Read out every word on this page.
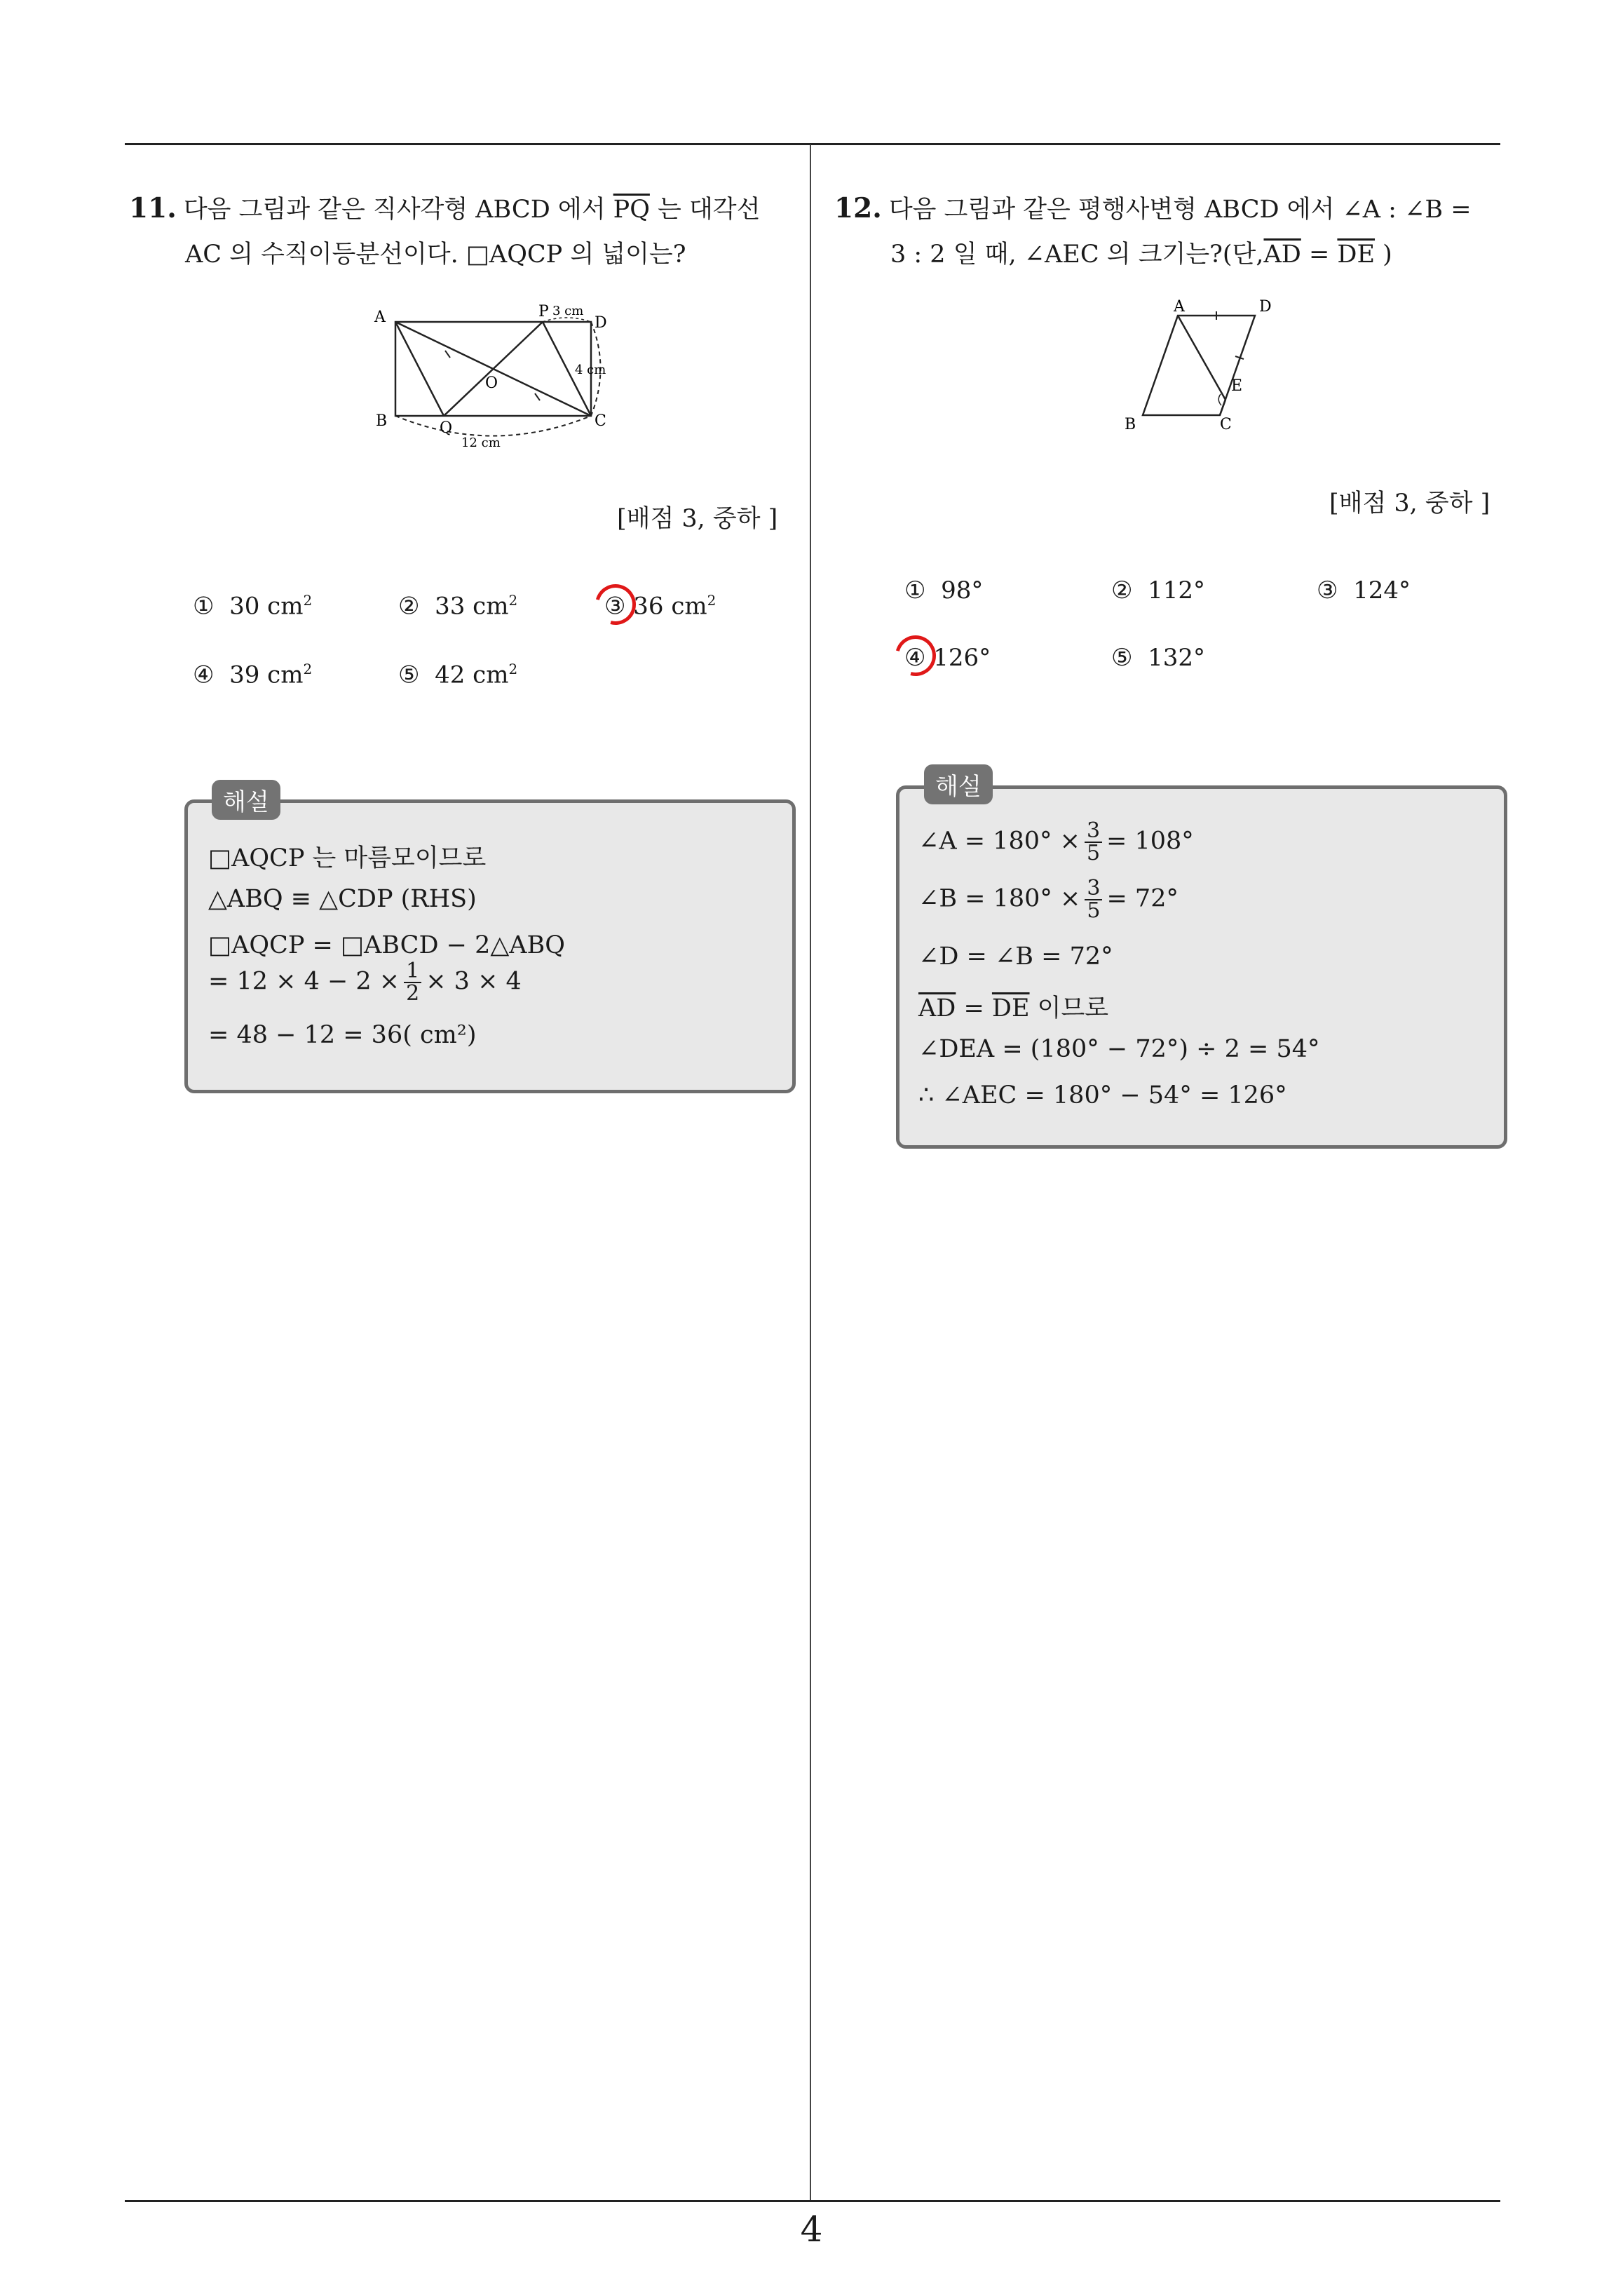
11. 다음 그림과 같은 직사각형 ABCD 에서 $\overline{PQ}$ 는 대각선
AC 의 수직이등분선이다. □AQCP 의 넓이는?
A
B	C
D
P
Q
O
3 cm
4 cm
12 cm
[배점 3, 중하 ]
① 30 $cm^2$	② 33 $cm^2$	③ 36 $cm^2$
④ 39 $cm^2$	⑤ 42 $cm^2$
해설
□AQCP 는 마름모이므로
△ABQ ≡ △CDP (RHS)
□AQCP = □ABCD − 2△ABQ
= $12 \times 4 - 2 \times \frac{1}{2} \times 3 \times 4$
= 48 − 12 = 36( cm²)
12. 다음 그림과 같은 평행사변형 ABCD 에서 ∠A : ∠B =
3 : 2 일 때, ∠AEC 의 크기는?(단$,\overline{AD} = \overline{DE}$ )
A	D
B	C
E
[배점 3, 중하 ]
① 98°	② 112°	③ 124°
④ 126°	⑤ 132°
해설
∠A = $180^\circ \times \frac{3}{5} = 108^\circ$
∠B = $180^\circ \times \frac{3}{5} = 72^\circ$
∠D = ∠B = 72°
$\overline{AD} = \overline{DE}$ 이므로
∠DEA = (180° − 72°) ÷ 2 = 54°
∴ ∠AEC = 180° − 54° = 126°
4
